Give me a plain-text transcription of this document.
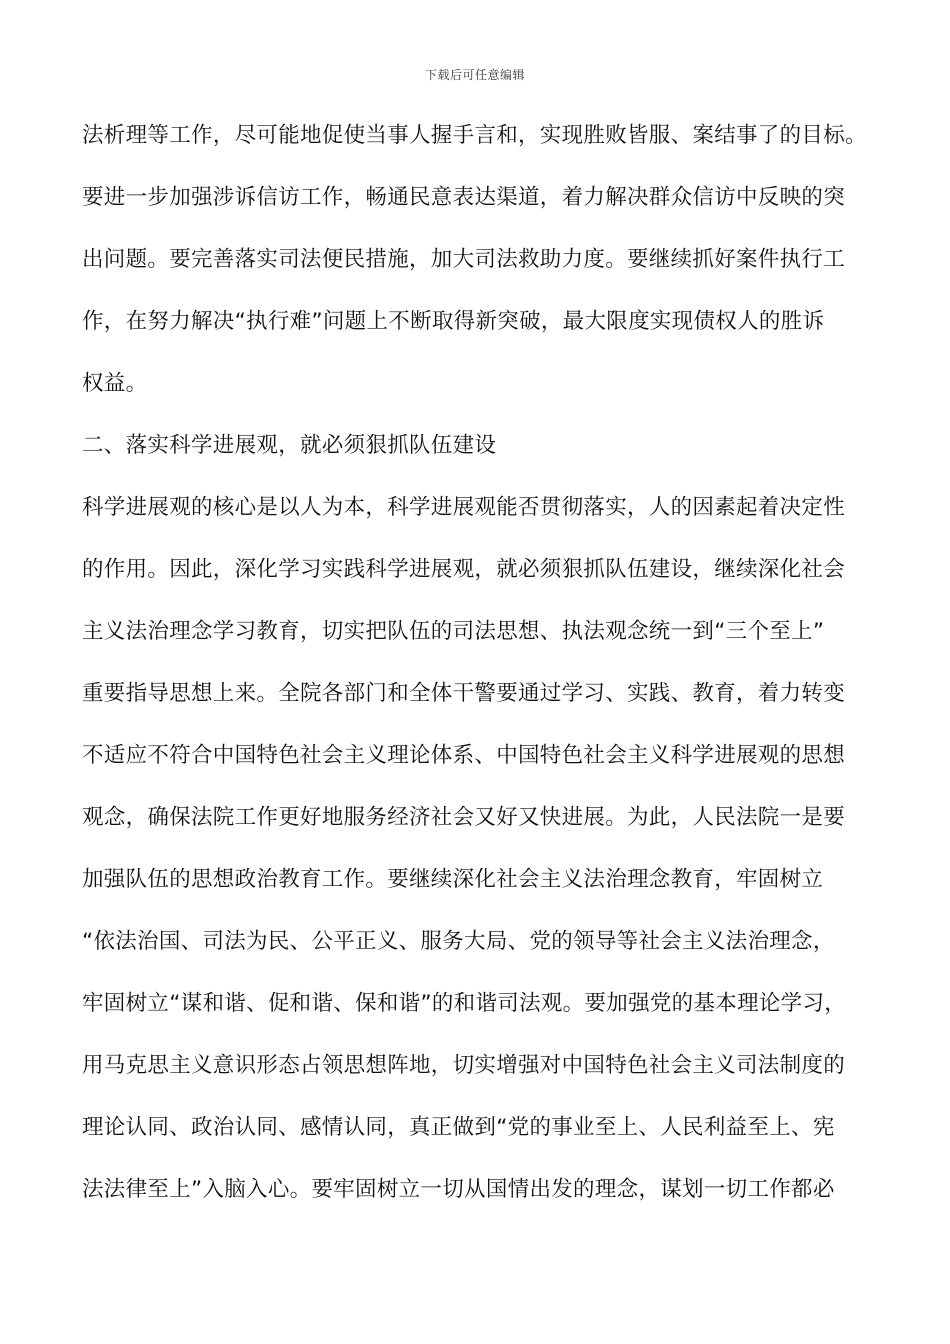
下载后可任意编辑
法析理等工作，尽可能地促使当事人握手言和，实现胜败皆服、案结事了的目标。
要进一步加强涉诉信访工作，畅通民意表达渠道，着力解决群众信访中反映的突
出问题。要完善落实司法便民措施，加大司法救助力度。要继续抓好案件执行工
作，在努力解决“执行难”问题上不断取得新突破，最大限度实现债权人的胜诉
权益。
二、落实科学进展观，就必须狠抓队伍建设
科学进展观的核心是以人为本，科学进展观能否贯彻落实，人的因素起着决定性
的作用。因此，深化学习实践科学进展观，就必须狠抓队伍建设，继续深化社会
主义法治理念学习教育，切实把队伍的司法思想、执法观念统一到“三个至上”
重要指导思想上来。全院各部门和全体干警要通过学习、实践、教育，着力转变
不适应不符合中国特色社会主义理论体系、中国特色社会主义科学进展观的思想
观念，确保法院工作更好地服务经济社会又好又快进展。为此，人民法院一是要
加强队伍的思想政治教育工作。要继续深化社会主义法治理念教育，牢固树立
“依法治国、司法为民、公平正义、服务大局、党的领导等社会主义法治理念，
牢固树立“谋和谐、促和谐、保和谐”的和谐司法观。要加强党的基本理论学习，
用马克思主义意识形态占领思想阵地，切实增强对中国特色社会主义司法制度的
理论认同、政治认同、感情认同，真正做到“党的事业至上、人民利益至上、宪
法法律至上”入脑入心。要牢固树立一切从国情出发的理念，谋划一切工作都必
